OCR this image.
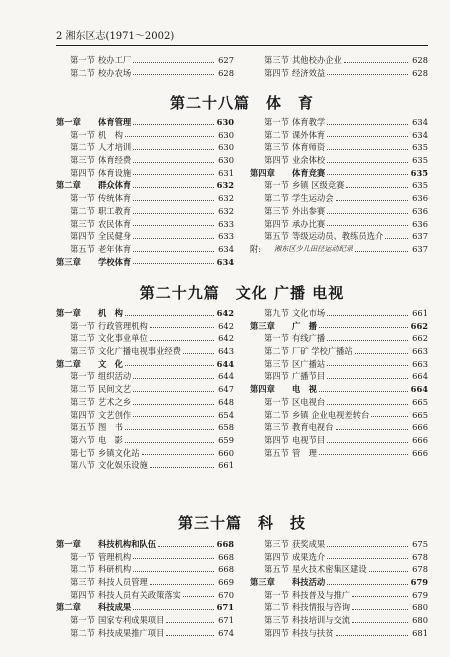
2 湘东区志(1971～2002)
第一节 校办工厂	627
第二节 校办农场	628
第三节 其他校办企业	628
第四节 经济效益	628
第二十八篇　体　育
第一章	体育管理	630
第一节 机　构	630
第二节 人才培训	630
第三节 体育经费	630
第四节 体育设施	631
第二章	群众体育	632
第一节 传统体育	632
第二节 职工教育	632
第三节 农民体育	633
第四节 全民健身	633
第五节 老年体育	634
第三章	学校体育	634
第一节 体育教学	634
第二节 课外体育	634
第三节 体育师资	635
第四节 业余体校	635
第四章	体育竞赛	635
第一节 乡镇 区级竞赛	635
第二节 学生运动会	636
第三节 外出参赛	636
第四节 承办比赛	636
第五节 等级运动员、教练员选介	637
附:	湘东区少儿田径运动纪录	637
第二十九篇　文化 广播 电视
第一章	机　构	642
第一节 行政管理机构	642
第二节 文化事业单位	642
第三节 文化广播电视事业经费	643
第二章	文　化	644
第一节 组织活动	644
第二节 民间文艺	647
第三节 艺术之乡	648
第四节 文艺创作	654
第五节 图　书	658
第六节 电　影	659
第七节 乡镇文化站	660
第八节 文化娱乐设施	661
第九节 文化市场	661
第三章	广　播	662
第一节 有线广播	662
第二节 厂矿 学校广播站	663
第三节 区广播站	663
第四节 广播节目	664
第四章	电　视	664
第一节 区电视台	665
第二节 乡镇 企业电视差转台	665
第三节 教育电视台	666
第四节 电视节目	666
第五节 管　理	666
第三十篇　科　技
第一章	科技机构和队伍	668
第一节 管理机构	668
第二节 科研机构	668
第三节 科技人员管理	669
第四节 科技人员有关政策落实	670
第二章	科技成果	671
第一节 国家专利成果项目	671
第二节 科技成果推广项目	674
第三节 获奖成果	675
第四节 成果选介	678
第五节 星火技术密集区建设	678
第三章	科技活动	679
第一节 科技普及与推广	679
第二节 科技情报与咨询	680
第三节 科技培训与交流	680
第四节 科技与扶贫	681
